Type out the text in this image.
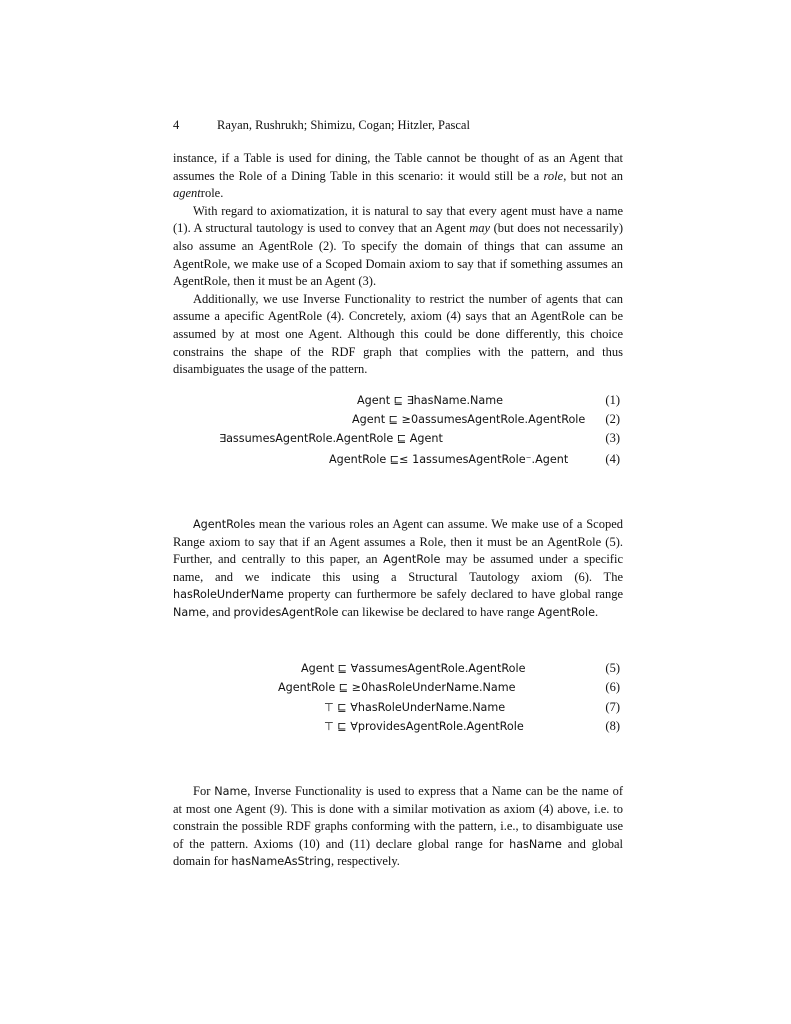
4	Rayan, Rushrukh; Shimizu, Cogan; Hitzler, Pascal

instance, if a Table is used for dining, the Table cannot be thought of as an Agent that assumes the Role of a Dining Table in this scenario: it would still be a role, but not an agentrole.

With regard to axiomatization, it is natural to say that every agent must have a name (1). A structural tautology is used to convey that an Agent may (but does not necessarily) also assume an AgentRole (2). To specify the domain of things that can assume an AgentRole, we make use of a Scoped Domain axiom to say that if something assumes an AgentRole, then it must be an Agent (3).

Additionally, we use Inverse Functionality to restrict the number of agents that can assume a apecific AgentRole (4). Concretely, axiom (4) says that an AgentRole can be assumed by at most one Agent. Although this could be done differently, this choice constrains the shape of the RDF graph that complies with the pattern, and thus disambiguates the usage of the pattern.

Agent ⊑ ∃hasName.Name	(1)
Agent ⊑ ≥0assumesAgentRole.AgentRole (2)
∃assumesAgentRole.AgentRole ⊑ Agent	(3)
AgentRole ⊑≤ 1assumesAgentRole⁻.Agent	(4)

AgentRoles mean the various roles an Agent can assume. We make use of a Scoped Range axiom to say that if an Agent assumes a Role, then it must be an AgentRole (5). Further, and centrally to this paper, an AgentRole may be assumed under a specific name, and we indicate this using a Structural Tautology axiom (6). The hasRoleUnderName property can furthermore be safely declared to have global range Name, and providesAgentRole can likewise be declared to have range AgentRole.

Agent ⊑ ∀assumesAgentRole.AgentRole	(5)
AgentRole ⊑ ≥0hasRoleUnderName.Name	(6)
⊤ ⊑ ∀hasRoleUnderName.Name	(7)
⊤ ⊑ ∀providesAgentRole.AgentRole	(8)

For Name, Inverse Functionality is used to express that a Name can be the name of at most one Agent (9). This is done with a similar motivation as axiom (4) above, i.e. to constrain the possible RDF graphs conforming with the pattern, i.e., to disambiguate use of the pattern. Axioms (10) and (11) declare global range for hasName and global domain for hasNameAsString, respectively.
